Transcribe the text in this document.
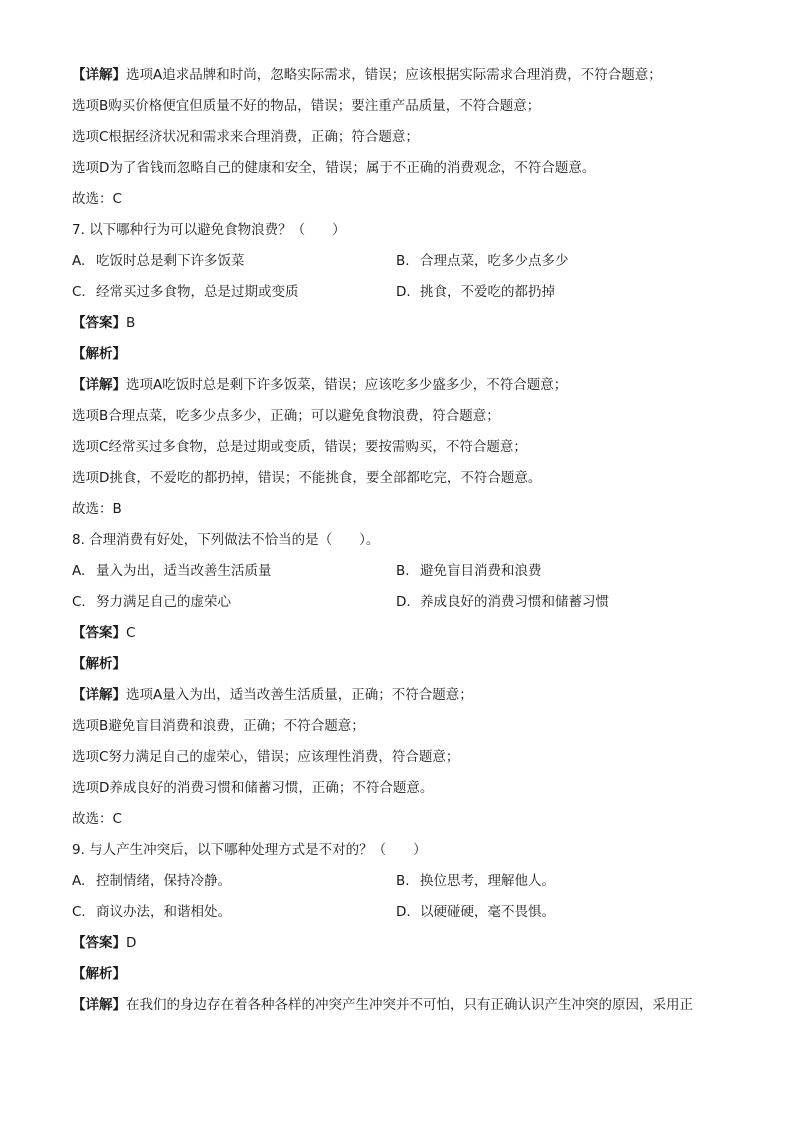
【详解】选项A追求品牌和时尚，忽略实际需求，错误；应该根据实际需求合理消费，不符合题意；
选项B购买价格便宜但质量不好的物品，错误；要注重产品质量，不符合题意；
选项C根据经济状况和需求来合理消费，正确；符合题意；
选项D为了省钱而忽略自己的健康和安全，错误；属于不正确的消费观念，不符合题意。
故选：C
7. 以下哪种行为可以避免食物浪费？（　　）
A. 吃饭时总是剩下许多饭菜	B. 合理点菜，吃多少点多少
C. 经常买过多食物，总是过期或变质	D. 挑食，不爱吃的都扔掉
【答案】B
【解析】
【详解】选项A吃饭时总是剩下许多饭菜，错误；应该吃多少盛多少，不符合题意；
选项B合理点菜，吃多少点多少，正确；可以避免食物浪费，符合题意；
选项C经常买过多食物，总是过期或变质，错误；要按需购买，不符合题意；
选项D挑食，不爱吃的都扔掉，错误；不能挑食，要全部都吃完，不符合题意。
故选：B
8. 合理消费有好处，下列做法不恰当的是（　　）。
A. 量入为出，适当改善生活质量	B. 避免盲目消费和浪费
C. 努力满足自己的虚荣心	D. 养成良好的消费习惯和储蓄习惯
【答案】C
【解析】
【详解】选项A量入为出，适当改善生活质量，正确；不符合题意；
选项B避免盲目消费和浪费，正确；不符合题意；
选项C努力满足自己的虚荣心，错误；应该理性消费，符合题意；
选项D养成良好的消费习惯和储蓄习惯，正确；不符合题意。
故选：C
9. 与人产生冲突后，以下哪种处理方式是不对的？（　　）
A. 控制情绪，保持冷静。	B. 换位思考，理解他人。
C. 商议办法，和谐相处。	D. 以硬碰硬，毫不畏惧。
【答案】D
【解析】
【详解】在我们的身边存在着各种各样的冲突产生冲突并不可怕，只有正确认识产生冲突的原因，采用正
